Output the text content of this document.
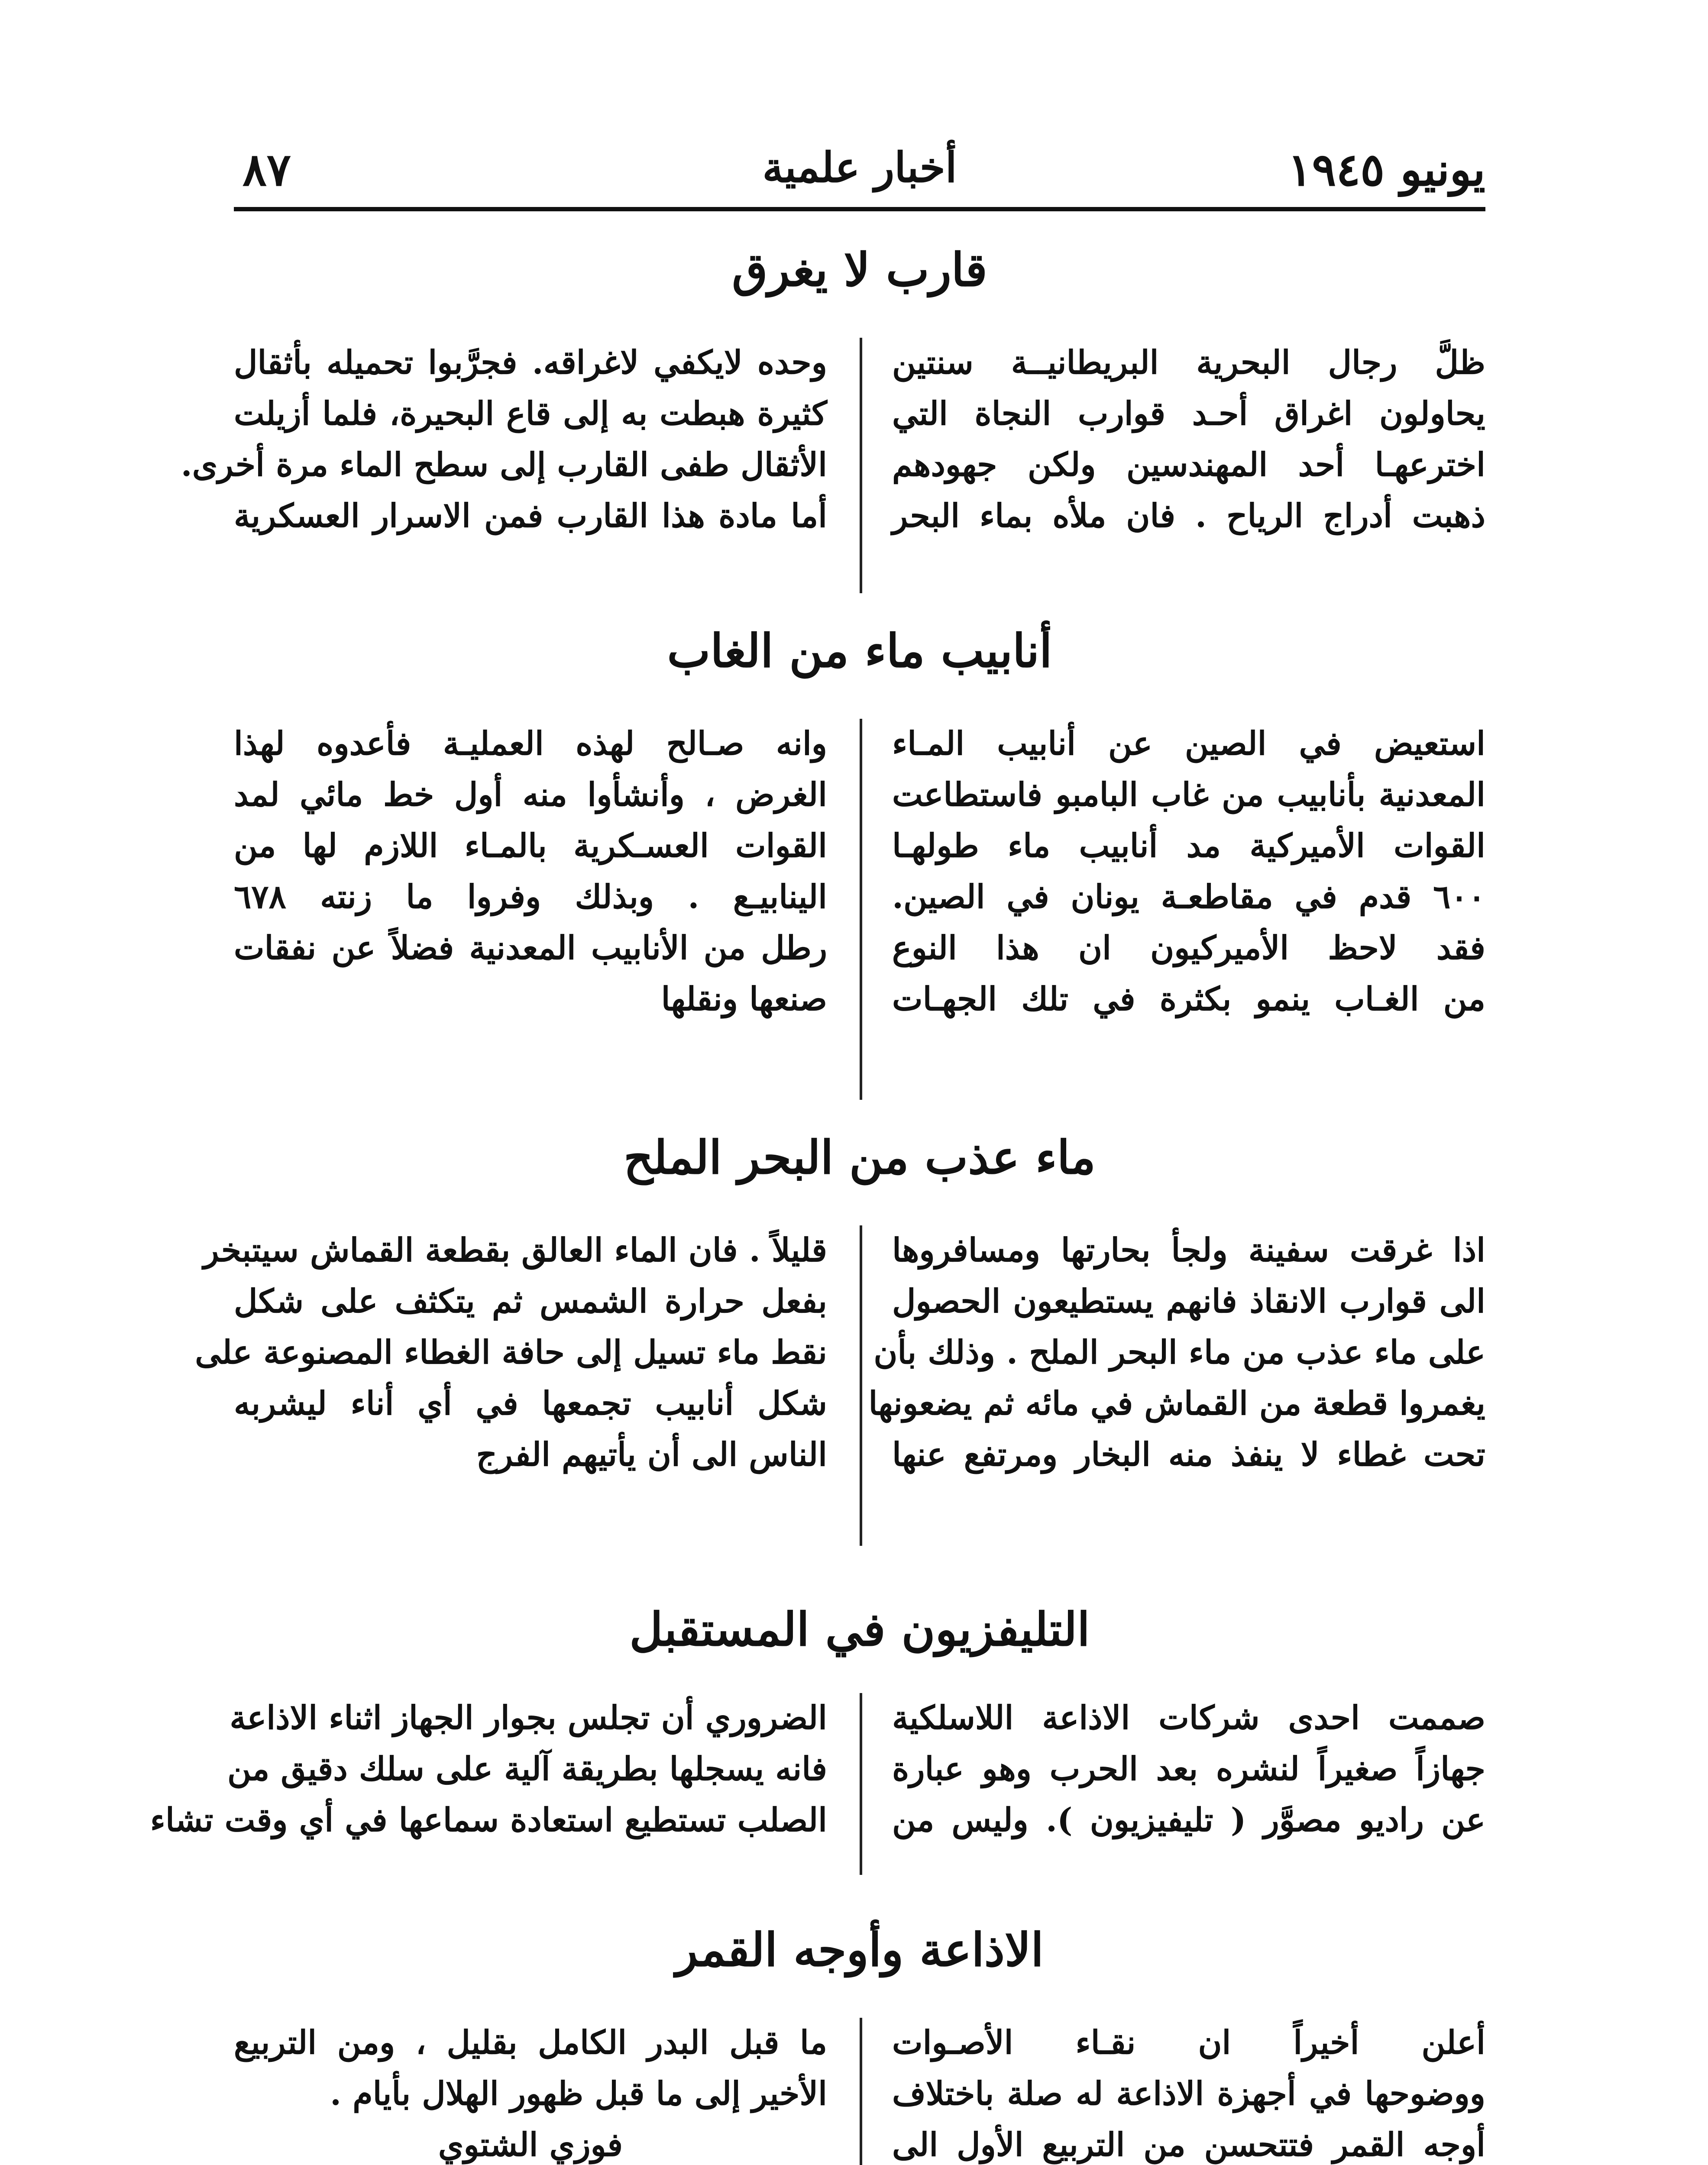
يونيو ١٩٤٥
أخبار علمية
٨٧
قارب لا يغرق
ظلَّ رجال البحرية البريطانيــة سنتين
يحاولون اغراق أحـد قوارب النجاة التي
اخترعهـا أحد المهندسين ولكن جهودهم
ذهبت أدراج الرياح . فان ملأه بماء البحر
وحده لايكفي لاغراقه. فجرَّبوا تحميله بأثقال
كثيرة هبطت به إلى قاع البحيرة، فلما أزيلت
الأثقال طفى القارب إلى سطح الماء مرة أخرى.
أما مادة هذا القارب فمن الاسرار العسكرية
أنابيب ماء من الغاب
استعيض في الصين عن أنابيب المـاء
المعدنية بأنابيب من غاب البامبو فاستطاعت
القوات الأميركية مد أنابيب ماء طولهـا
٦٠٠ قدم في مقاطعـة يونان في الصين.
فقد لاحظ الأميركيون ان هذا النوع
من الغـاب ينمو بكثرة في تلك الجهـات
وانه صـالح لهذه العمليـة فأعدوه لهذا
الغرض ، وأنشأوا منه أول خط مائي لمد
القوات العسـكرية بالمـاء اللازم لها من
الينابيـع . وبذلك وفروا ما زنته ٦٧٨
رطل من الأنابيب المعدنية فضلاً عن نفقات
صنعها ونقلها
ماء عذب من البحر الملح
اذا غرقت سفينة ولجأ بحارتها ومسافروها
الى قوارب الانقاذ فانهم يستطيعون الحصول
على ماء عذب من ماء البحر الملح . وذلك بأن
يغمروا قطعة من القماش في مائه ثم يضعونها
تحت غطاء لا ينفذ منه البخار ومرتفع عنها
قليلاً . فان الماء العالق بقطعة القماش سيتبخر
بفعل حرارة الشمس ثم يتكثف على شكل
نقط ماء تسيل إلى حافة الغطاء المصنوعة على
شكل أنابيب تجمعها في أي أناء ليشربه
الناس الى أن يأتيهم الفرج
التليفزيون في المستقبل
صممت احدى شركات الاذاعة اللاسلكية
جهازاً صغيراً لنشره بعد الحرب وهو عبارة
عن راديو مصوَّر ( تليفيزيون ). وليس من
الضروري أن تجلس بجوار الجهاز اثناء الاذاعة
فانه يسجلها بطريقة آلية على سلك دقيق من
الصلب تستطيع استعادة سماعها في أي وقت تشاء
الاذاعة وأوجه القمر
أعلن أخيراً ان نقـاء الأصـوات
ووضوحها في أجهزة الاذاعة له صلة باختلاف
أوجه القمر فتتحسن من التربيع الأول الى
ما قبل البدر الكامل بقليل ، ومن التربيع
الأخير إلى ما قبل ظهور الهلال بأيام .
فوزي الشتوي
